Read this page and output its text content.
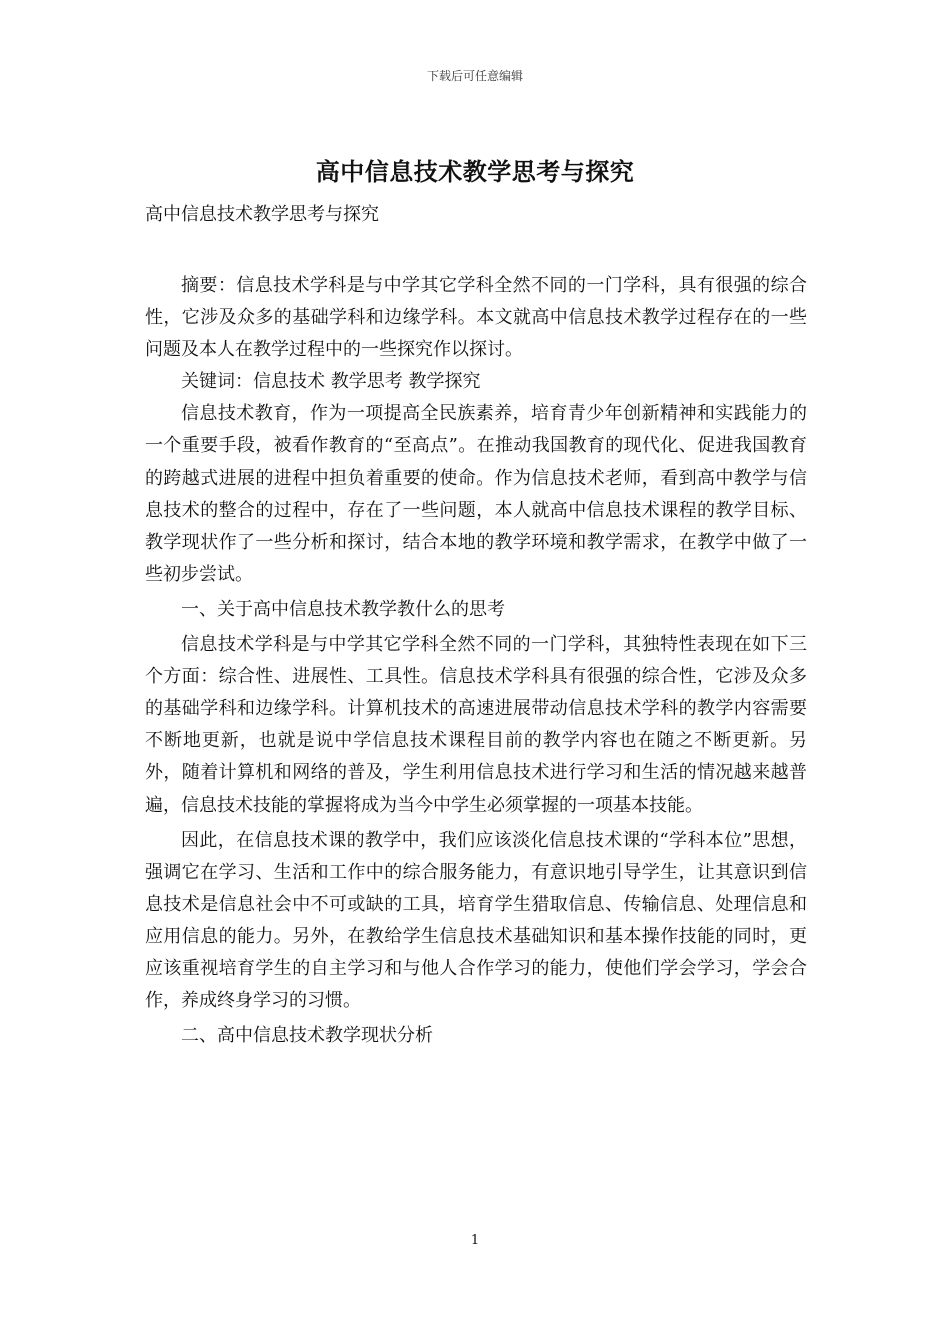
下载后可任意编辑
高中信息技术教学思考与探究
高中信息技术教学思考与探究

摘要：信息技术学科是与中学其它学科全然不同的一门学科，具有很强的综合性，它涉及众多的基础学科和边缘学科。本文就高中信息技术教学过程存在的一些问题及本人在教学过程中的一些探究作以探讨。

关键词：信息技术 教学思考 教学探究

信息技术教育，作为一项提高全民族素养，培育青少年创新精神和实践能力的一个重要手段，被看作教育的“至高点”。在推动我国教育的现代化、促进我国教育的跨越式进展的进程中担负着重要的使命。作为信息技术老师，看到高中教学与信息技术的整合的过程中，存在了一些问题，本人就高中信息技术课程的教学目标、教学现状作了一些分析和探讨，结合本地的教学环境和教学需求，在教学中做了一些初步尝试。

一、关于高中信息技术教学教什么的思考

信息技术学科是与中学其它学科全然不同的一门学科，其独特性表现在如下三个方面：综合性、进展性、工具性。信息技术学科具有很强的综合性，它涉及众多的基础学科和边缘学科。计算机技术的高速进展带动信息技术学科的教学内容需要不断地更新，也就是说中学信息技术课程目前的教学内容也在随之不断更新。另外，随着计算机和网络的普及，学生利用信息技术进行学习和生活的情况越来越普遍，信息技术技能的掌握将成为当今中学生必须掌握的一项基本技能。

因此，在信息技术课的教学中，我们应该淡化信息技术课的“学科本位”思想，强调它在学习、生活和工作中的综合服务能力，有意识地引导学生，让其意识到信息技术是信息社会中不可或缺的工具，培育学生猎取信息、传输信息、处理信息和应用信息的能力。另外，在教给学生信息技术基础知识和基本操作技能的同时，更应该重视培育学生的自主学习和与他人合作学习的能力，使他们学会学习，学会合作，养成终身学习的习惯。

二、高中信息技术教学现状分析

1
